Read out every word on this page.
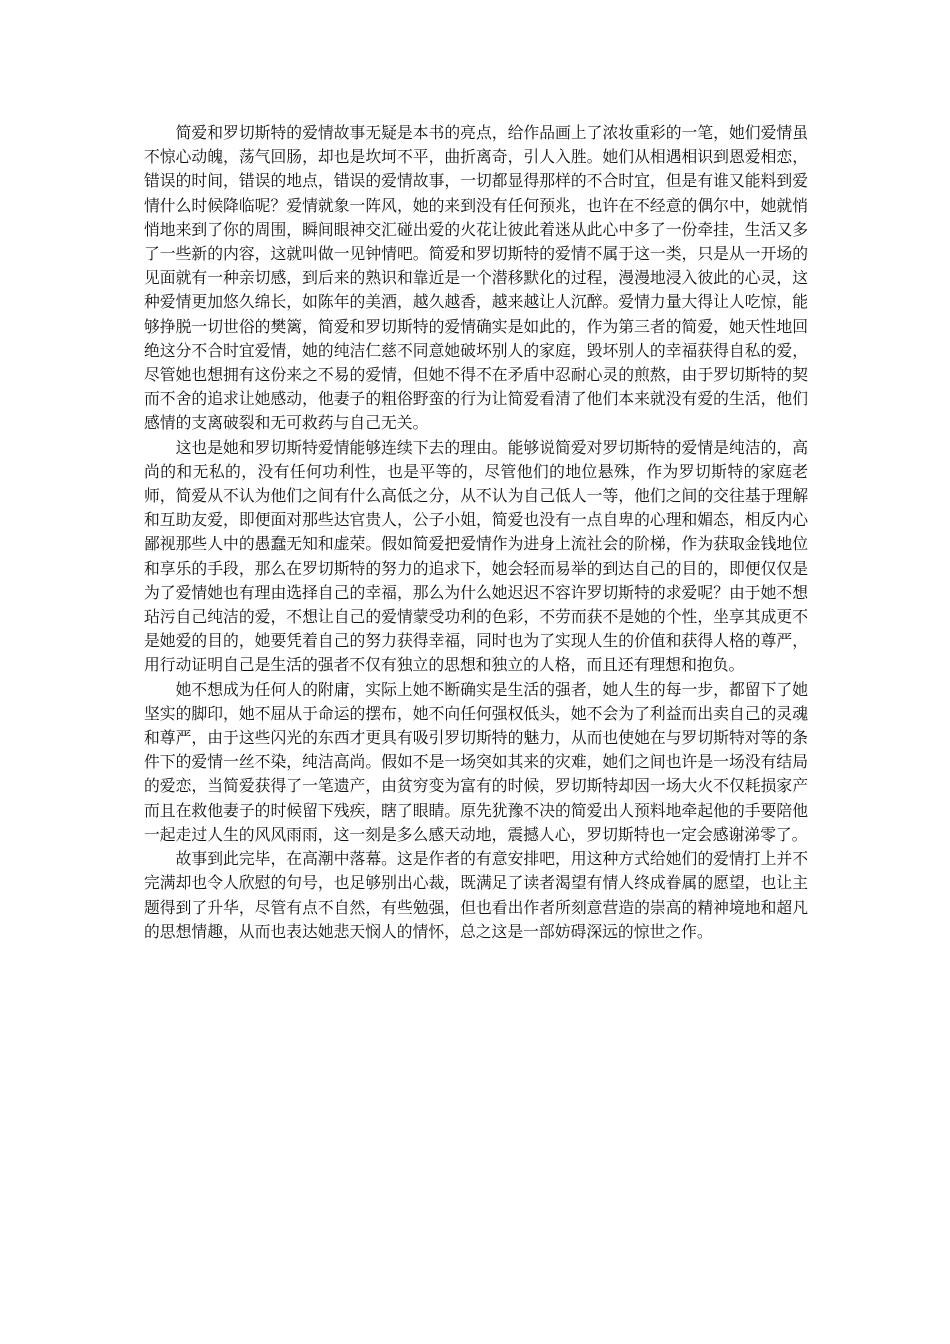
简爱和罗切斯特的爱情故事无疑是本书的亮点，给作品画上了浓妆重彩的一笔，她们爱情虽不惊心动魄，荡气回肠，却也是坎坷不平，曲折离奇，引人入胜。她们从相遇相识到恩爱相恋，错误的时间，错误的地点，错误的爱情故事，一切都显得那样的不合时宜，但是有谁又能料到爱情什么时候降临呢？爱情就象一阵风，她的来到没有任何预兆，也许在不经意的偶尔中，她就悄悄地来到了你的周围，瞬间眼神交汇碰出爱的火花让彼此着迷从此心中多了一份牵挂，生活又多了一些新的内容，这就叫做一见钟情吧。简爱和罗切斯特的爱情不属于这一类，只是从一开场的见面就有一种亲切感，到后来的熟识和靠近是一个潜移默化的过程，漫漫地浸入彼此的心灵，这种爱情更加悠久绵长，如陈年的美酒，越久越香，越来越让人沉醉。爱情力量大得让人吃惊，能够挣脱一切世俗的樊篱，简爱和罗切斯特的爱情确实是如此的，作为第三者的简爱，她天性地回绝这分不合时宜爱情，她的纯洁仁慈不同意她破坏别人的家庭，毁坏别人的幸福获得自私的爱，尽管她也想拥有这份来之不易的爱情，但她不得不在矛盾中忍耐心灵的煎熬，由于罗切斯特的契而不舍的追求让她感动，他妻子的粗俗野蛮的行为让简爱看清了他们本来就没有爱的生活，他们感情的支离破裂和无可救药与自己无关。

这也是她和罗切斯特爱情能够连续下去的理由。能够说简爱对罗切斯特的爱情是纯洁的，高尚的和无私的，没有任何功利性，也是平等的，尽管他们的地位悬殊，作为罗切斯特的家庭老师，简爱从不认为他们之间有什么高低之分，从不认为自己低人一等，他们之间的交往基于理解和互助友爱，即便面对那些达官贵人，公子小姐，简爱也没有一点自卑的心理和媚态，相反内心鄙视那些人中的愚蠢无知和虚荣。假如简爱把爱情作为进身上流社会的阶梯，作为获取金钱地位和享乐的手段，那么在罗切斯特的努力的追求下，她会轻而易举的到达自己的目的，即便仅仅是为了爱情她也有理由选择自己的幸福，那么为什么她迟迟不容许罗切斯特的求爱呢？由于她不想玷污自己纯洁的爱，不想让自己的爱情蒙受功利的色彩，不劳而获不是她的个性，坐享其成更不是她爱的目的，她要凭着自己的努力获得幸福，同时也为了实现人生的价值和获得人格的尊严，用行动证明自己是生活的强者不仅有独立的思想和独立的人格，而且还有理想和抱负。

她不想成为任何人的附庸，实际上她不断确实是生活的强者，她人生的每一步，都留下了她坚实的脚印，她不屈从于命运的摆布，她不向任何强权低头，她不会为了利益而出卖自己的灵魂和尊严，由于这些闪光的东西才更具有吸引罗切斯特的魅力，从而也使她在与罗切斯特对等的条件下的爱情一丝不染，纯洁高尚。假如不是一场突如其来的灾难，她们之间也许是一场没有结局的爱恋，当简爱获得了一笔遗产，由贫穷变为富有的时候，罗切斯特却因一场大火不仅耗损家产而且在救他妻子的时候留下残疾，瞎了眼睛。原先犹豫不决的简爱出人预料地牵起他的手要陪他一起走过人生的风风雨雨，这一刻是多么感天动地，震撼人心，罗切斯特也一定会感谢涕零了。

故事到此完毕，在高潮中落幕。这是作者的有意安排吧，用这种方式给她们的爱情打上并不完满却也令人欣慰的句号，也足够别出心裁，既满足了读者渴望有情人终成眷属的愿望，也让主题得到了升华，尽管有点不自然，有些勉强，但也看出作者所刻意营造的崇高的精神境地和超凡的思想情趣，从而也表达她悲天悯人的情怀，总之这是一部妨碍深远的惊世之作。
